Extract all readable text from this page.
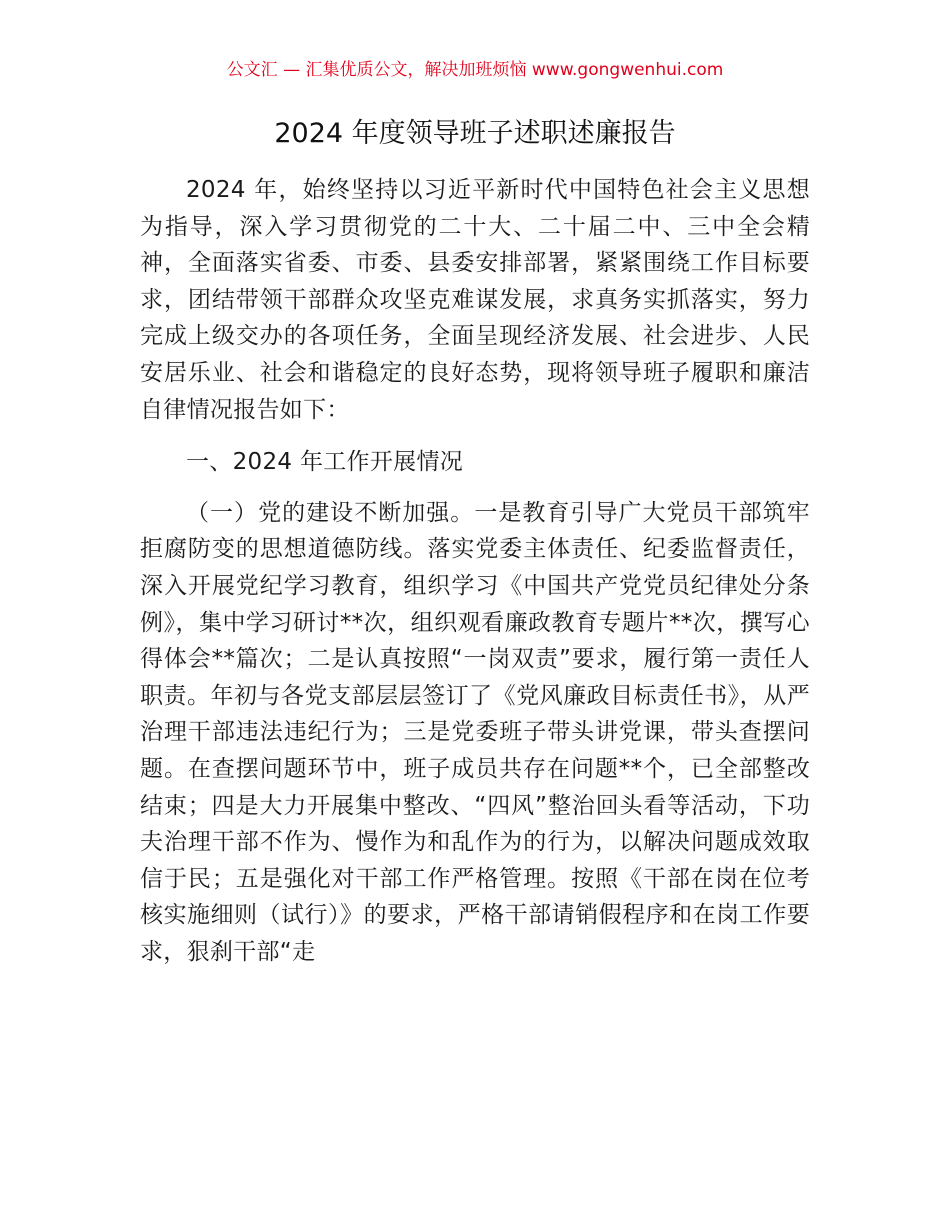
公文汇 — 汇集优质公文，解决加班烦恼 www.gongwenhui.com
2024 年度领导班子述职述廉报告

2024 年，始终坚持以习近平新时代中国特色社会主义思想为指导，深入学习贯彻党的二十大、二十届二中、三中全会精神，全面落实省委、市委、县委安排部署，紧紧围绕工作目标要求，团结带领干部群众攻坚克难谋发展，求真务实抓落实，努力完成上级交办的各项任务，全面呈现经济发展、社会进步、人民安居乐业、社会和谐稳定的良好态势，现将领导班子履职和廉洁自律情况报告如下：

一、2024 年工作开展情况

（一）党的建设不断加强。一是教育引导广大党员干部筑牢拒腐防变的思想道德防线。落实党委主体责任、纪委监督责任，深入开展党纪学习教育，组织学习《中国共产党党员纪律处分条例》，集中学习研讨**次，组织观看廉政教育专题片**次，撰写心得体会**篇次；二是认真按照“一岗双责”要求，履行第一责任人职责。年初与各党支部层层签订了《党风廉政目标责任书》，从严治理干部违法违纪行为；三是党委班子带头讲党课，带头查摆问题。在查摆问题环节中，班子成员共存在问题**个，已全部整改结束；四是大力开展集中整改、“四风”整治回头看等活动，下功夫治理干部不作为、慢作为和乱作为的行为，以解决问题成效取信于民；五是强化对干部工作严格管理。按照《干部在岗在位考核实施细则（试行）》的要求，严格干部请销假程序和在岗工作要求，狠刹干部“走
